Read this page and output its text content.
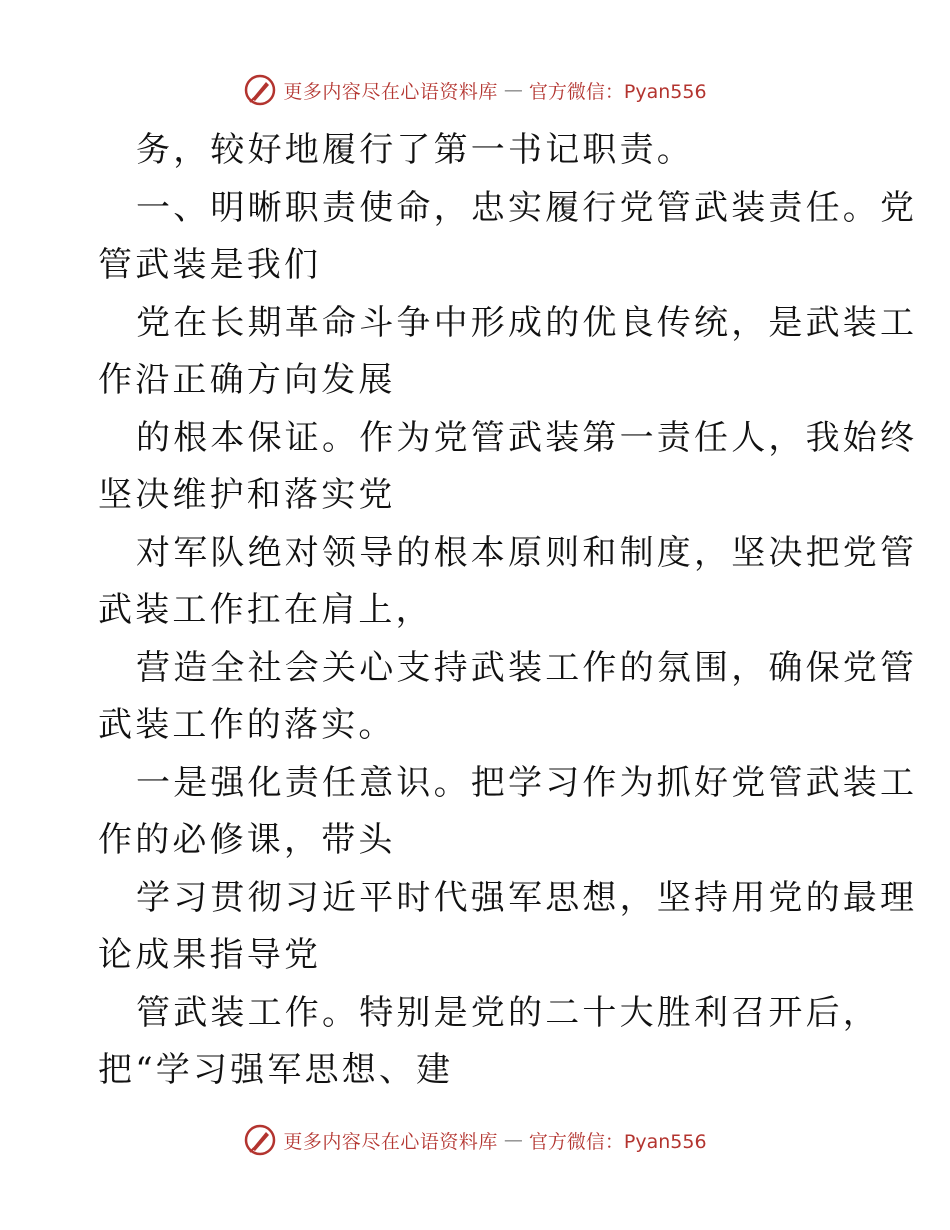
更多内容尽在心语资料库 — 官方微信：Pyan556
务，较好地履行了第一书记职责。
一、明晰职责使命，忠实履行党管武装责任。党
管武装是我们
党在长期革命斗争中形成的优良传统，是武装工
作沿正确方向发展
的根本保证。作为党管武装第一责任人，我始终
坚决维护和落实党
对军队绝对领导的根本原则和制度，坚决把党管
武装工作扛在肩上，
营造全社会关心支持武装工作的氛围，确保党管
武装工作的落实。
一是强化责任意识。把学习作为抓好党管武装工
作的必修课，带头
学习贯彻习近平时代强军思想，坚持用党的最理
论成果指导党
管武装工作。特别是党的二十大胜利召开后，
把“学习强军思想、建
更多内容尽在心语资料库 — 官方微信：Pyan556
